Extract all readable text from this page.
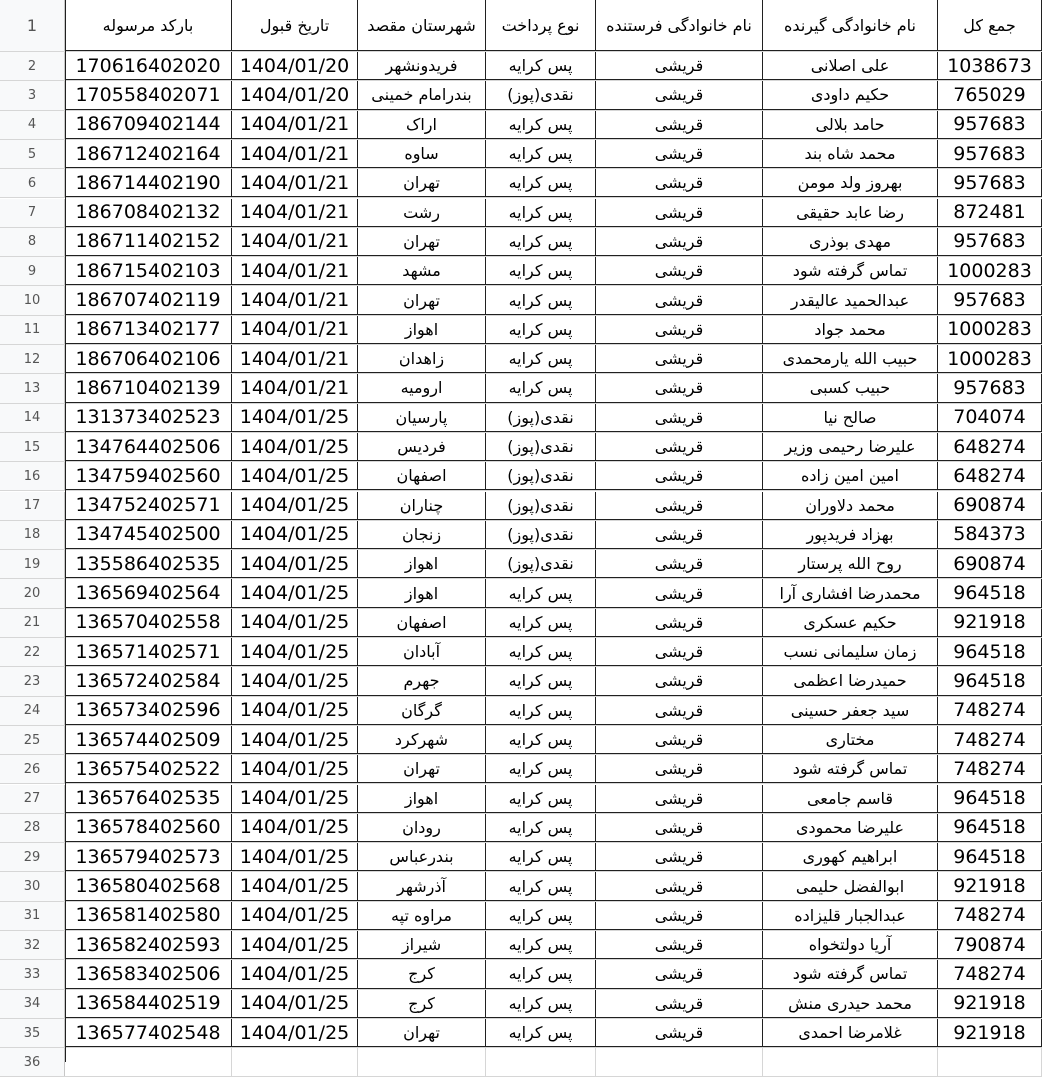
1	بارکد مرسوله	تاریخ قبول	شهرستان مقصد	نوع پرداخت	نام خانوادگی فرستنده	نام خانوادگی گیرنده	جمع کل
2	170616402020	1404/01/20	فریدونشهر	پس کرایه	قریشی	علی اصلانی	1038673
3	170558402071	1404/01/20	بندرامام خمینی	نقدی(پوز)	قریشی	حکیم داودی	765029
4	186709402144	1404/01/21	اراک	پس کرایه	قریشی	حامد بلالی	957683
5	186712402164	1404/01/21	ساوه	پس کرایه	قریشی	محمد شاه بند	957683
6	186714402190	1404/01/21	تهران	پس کرایه	قریشی	بهروز ولد مومن	957683
7	186708402132	1404/01/21	رشت	پس کرایه	قریشی	رضا عابد حقیقی	872481
8	186711402152	1404/01/21	تهران	پس کرایه	قریشی	مهدی بوذری	957683
9	186715402103	1404/01/21	مشهد	پس کرایه	قریشی	تماس گرفته شود	1000283
10	186707402119	1404/01/21	تهران	پس کرایه	قریشی	عبدالحمید عالیقدر	957683
11	186713402177	1404/01/21	اهواز	پس کرایه	قریشی	محمد جواد	1000283
12	186706402106	1404/01/21	زاهدان	پس کرایه	قریشی	حبیب الله یارمحمدی	1000283
13	186710402139	1404/01/21	ارومیه	پس کرایه	قریشی	حبیب کسبی	957683
14	131373402523	1404/01/25	پارسیان	نقدی(پوز)	قریشی	صالح نیا	704074
15	134764402506	1404/01/25	فردیس	نقدی(پوز)	قریشی	علیرضا رحیمی وزیر	648274
16	134759402560	1404/01/25	اصفهان	نقدی(پوز)	قریشی	امین امین زاده	648274
17	134752402571	1404/01/25	چناران	نقدی(پوز)	قریشی	محمد دلاوران	690874
18	134745402500	1404/01/25	زنجان	نقدی(پوز)	قریشی	بهزاد فریدپور	584373
19	135586402535	1404/01/25	اهواز	نقدی(پوز)	قریشی	روح الله پرستار	690874
20	136569402564	1404/01/25	اهواز	پس کرایه	قریشی	محمدرضا افشاری آرا	964518
21	136570402558	1404/01/25	اصفهان	پس کرایه	قریشی	حکیم عسکری	921918
22	136571402571	1404/01/25	آبادان	پس کرایه	قریشی	زمان سلیمانی نسب	964518
23	136572402584	1404/01/25	جهرم	پس کرایه	قریشی	حمیدرضا اعظمی	964518
24	136573402596	1404/01/25	گرگان	پس کرایه	قریشی	سید جعفر حسینی	748274
25	136574402509	1404/01/25	شهرکرد	پس کرایه	قریشی	مختاری	748274
26	136575402522	1404/01/25	تهران	پس کرایه	قریشی	تماس گرفته شود	748274
27	136576402535	1404/01/25	اهواز	پس کرایه	قریشی	قاسم جامعی	964518
28	136578402560	1404/01/25	رودان	پس کرایه	قریشی	علیرضا محمودی	964518
29	136579402573	1404/01/25	بندرعباس	پس کرایه	قریشی	ابراهیم کهوری	964518
30	136580402568	1404/01/25	آذرشهر	پس کرایه	قریشی	ابوالفضل حلیمی	921918
31	136581402580	1404/01/25	مراوه تپه	پس کرایه	قریشی	عبدالجبار قلیزاده	748274
32	136582402593	1404/01/25	شیراز	پس کرایه	قریشی	آریا دولتخواه	790874
33	136583402506	1404/01/25	کرج	پس کرایه	قریشی	تماس گرفته شود	748274
34	136584402519	1404/01/25	کرج	پس کرایه	قریشی	محمد حیدری منش	921918
35	136577402548	1404/01/25	تهران	پس کرایه	قریشی	غلامرضا احمدی	921918
36
